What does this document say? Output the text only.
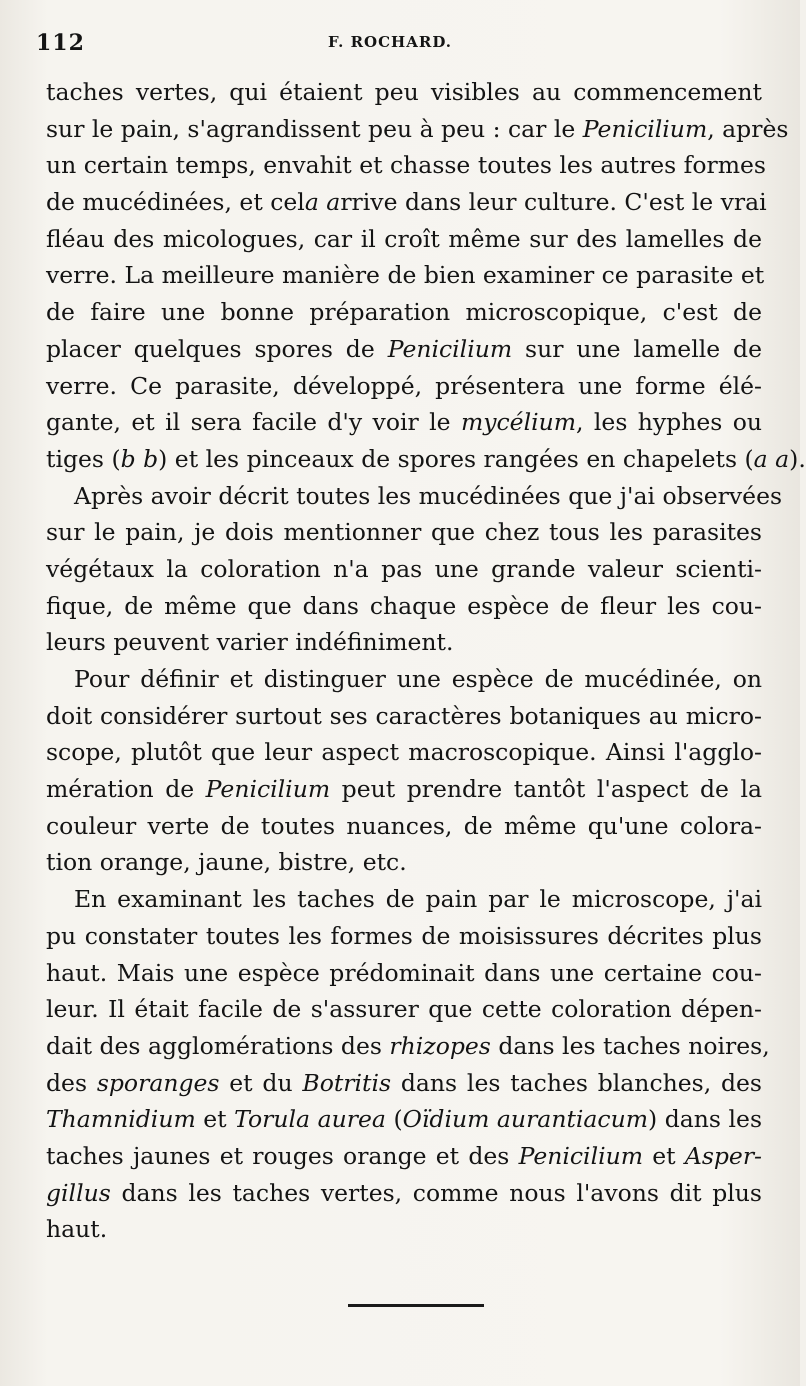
112	F. ROCHARD.
taches vertes, qui étaient peu visibles au commencement
sur le pain, s'agrandissent peu à peu : car le Penicilium, après
un certain temps, envahit et chasse toutes les autres formes
de mucédinées, et cela arrive dans leur culture. C'est le vrai
fléau des micologues, car il croît même sur des lamelles de
verre. La meilleure manière de bien examiner ce parasite et
de faire une bonne préparation microscopique, c'est de
placer quelques spores de Penicilium sur une lamelle de
verre. Ce parasite, développé, présentera une forme élé-
gante, et il sera facile d'y voir le mycélium, les hyphes ou
tiges (b b) et les pinceaux de spores rangées en chapelets (a a).
Après avoir décrit toutes les mucédinées que j'ai observées
sur le pain, je dois mentionner que chez tous les parasites
végétaux la coloration n'a pas une grande valeur scienti-
fique, de même que dans chaque espèce de fleur les cou-
leurs peuvent varier indéfiniment.
Pour définir et distinguer une espèce de mucédinée, on
doit considérer surtout ses caractères botaniques au micro-
scope, plutôt que leur aspect macroscopique. Ainsi l'agglo-
mération de Penicilium peut prendre tantôt l'aspect de la
couleur verte de toutes nuances, de même qu'une colora-
tion orange, jaune, bistre, etc.
En examinant les taches de pain par le microscope, j'ai
pu constater toutes les formes de moisissures décrites plus
haut. Mais une espèce prédominait dans une certaine cou-
leur. Il était facile de s'assurer que cette coloration dépen-
dait des agglomérations des rhizopes dans les taches noires,
des sporanges et du Botritis dans les taches blanches, des
Thamnidium et Torula aurea (Oïdium aurantiacum) dans les
taches jaunes et rouges orange et des Penicilium et Asper-
gillus dans les taches vertes, comme nous l'avons dit plus
haut.
